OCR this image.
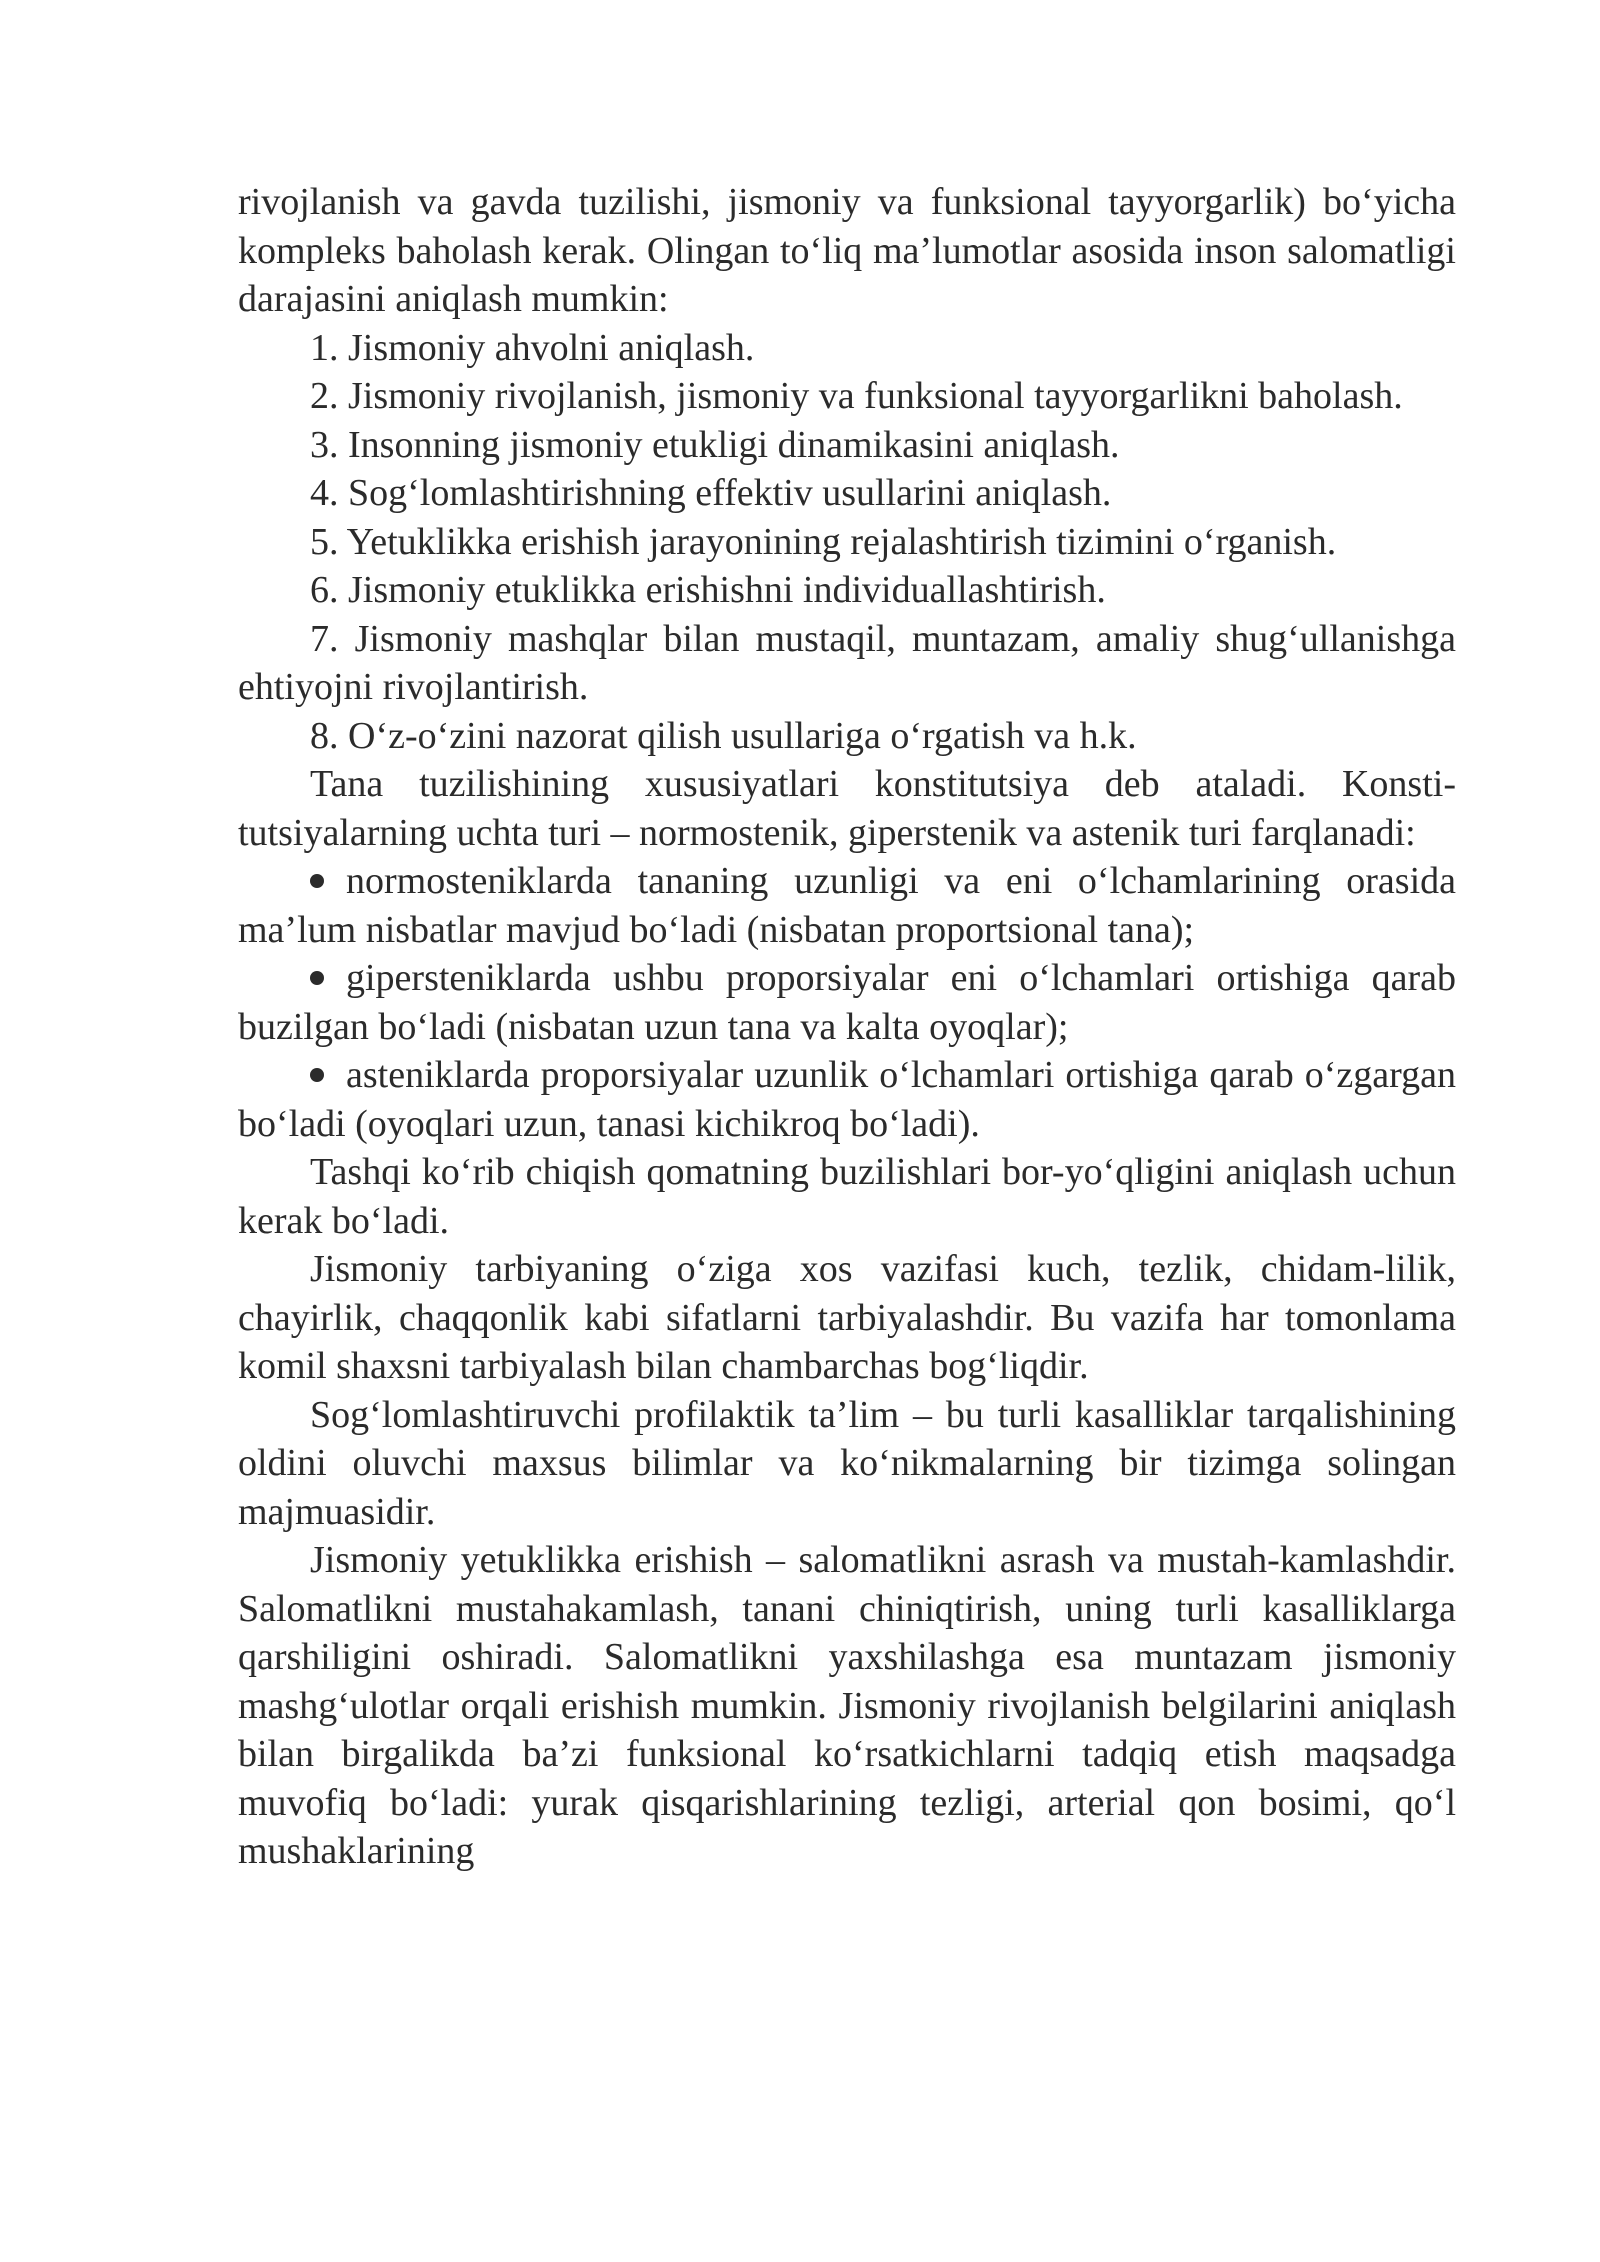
rivojlanish va gavda tuzilishi, jismoniy va funksional tayyorgarlik) bo‘yicha kompleks baholash kerak. Olingan to‘liq ma’lumotlar asosida inson salomatligi darajasini aniqlash mumkin:

1. Jismoniy ahvolni aniqlash.

2. Jismoniy rivojlanish, jismoniy va funksional tayyorgarlikni baholash.

3. Insonning jismoniy etukligi dinamikasini aniqlash.

4. Sog‘lomlashtirishning effektiv usullarini aniqlash.

5. Yetuklikka erishish jarayonining rejalashtirish tizimini o‘rganish.

6. Jismoniy etuklikka erishishni individuallashtirish.

7. Jismoniy mashqlar bilan mustaqil, muntazam, amaliy shug‘ullanishga ehtiyojni rivojlantirish.

8. O‘z-o‘zini nazorat qilish usullariga o‘rgatish va h.k.

Tana tuzilishining xususiyatlari konstitutsiya deb ataladi. Konsti-tutsiyalarning uchta turi – normostenik, giperstenik va astenik turi farqlanadi:

normosteniklarda tananing uzunligi va eni o‘lchamlarining orasida ma’lum nisbatlar mavjud bo‘ladi (nisbatan proportsional tana);

gipersteniklarda ushbu proporsiyalar eni o‘lchamlari ortishiga qarab buzilgan bo‘ladi (nisbatan uzun tana va kalta oyoqlar);

asteniklarda proporsiyalar uzunlik o‘lchamlari ortishiga qarab o‘zgargan bo‘ladi (oyoqlari uzun, tanasi kichikroq bo‘ladi).

Tashqi ko‘rib chiqish qomatning buzilishlari bor-yo‘qligini aniqlash uchun kerak bo‘ladi.

Jismoniy tarbiyaning o‘ziga xos vazifasi kuch, tezlik, chidam-lilik, chayirlik, chaqqonlik kabi sifatlarni tarbiyalashdir. Bu vazifa har tomonlama komil shaxsni tarbiyalash bilan chambarchas bog‘liqdir.

Sog‘lomlashtiruvchi profilaktik ta’lim – bu turli kasalliklar tarqalishining oldini oluvchi maxsus bilimlar va ko‘nikmalarning bir tizimga solingan majmuasidir.

Jismoniy yetuklikka erishish – salomatlikni asrash va mustah-kamlashdir. Salomatlikni mustahakamlash, tanani chiniqtirish, uning turli kasalliklarga qarshiligini oshiradi. Salomatlikni yaxshilashga esa muntazam jismoniy mashg‘ulotlar orqali erishish mumkin. Jismoniy rivojlanish belgilarini aniqlash bilan birgalikda ba’zi funksional ko‘rsatkichlarni tadqiq etish maqsadga muvofiq bo‘ladi: yurak qisqarishlarining tezligi, arterial qon bosimi, qo‘l mushaklarining
